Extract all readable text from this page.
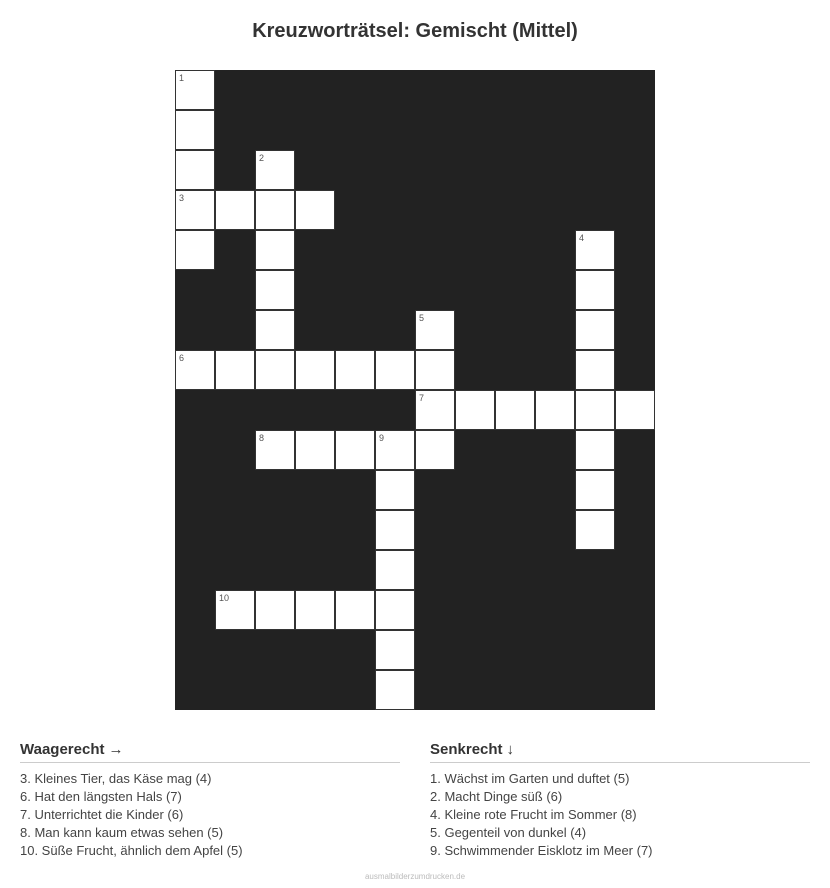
Kreuzworträtsel: Gemischt (Mittel)
1
3
2
4
5
6
7
8	9
10
Waagerecht →
3. Kleines Tier, das Käse mag (4)
6. Hat den längsten Hals (7)
7. Unterrichtet die Kinder (6)
8. Man kann kaum etwas sehen (5)
10. Süße Frucht, ähnlich dem Apfel (5)
Senkrecht ↓
1. Wächst im Garten und duftet (5)
2. Macht Dinge süß (6)
4. Kleine rote Frucht im Sommer (8)
5. Gegenteil von dunkel (4)
9. Schwimmender Eisklotz im Meer (7)
ausmalbilderzumdrucken.de
